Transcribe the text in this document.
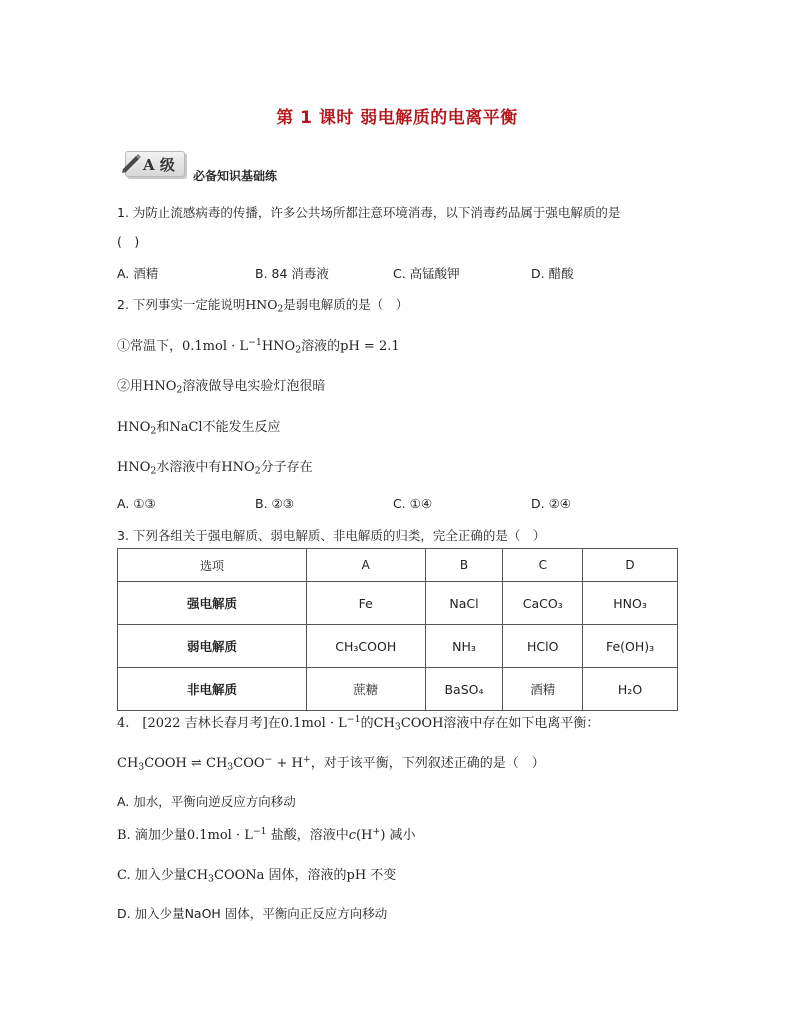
第 1 课时 弱电解质的电离平衡
A 级
必备知识基础练
1. 为防止流感病毒的传播，许多公共场所都注意环境消毒，以下消毒药品属于强电解质的是
(　)
A. 酒精	B. 84 消毒液	C. 高锰酸钾	D. 醋酸
2. 下列事实一定能说明$HNO_2$是弱电解质的是（　）
①常温下，$0.1mol \cdot L^{-1}HNO_2$溶液的pH = 2.1
②用$HNO_2$溶液做导电实验灯泡很暗
$HNO_2$和NaCl不能发生反应
$HNO_2$水溶液中有$HNO_2$分子存在
A. ①③	B. ②③	C. ①④	D. ②④
3. 下列各组关于强电解质、弱电解质、非电解质的归类，完全正确的是（　）
选项	A	B	C	D
强电解质	Fe	NaCl	CaCO₃	HNO₃
弱电解质	CH₃COOH	NH₃	HClO	Fe(OH)₃
非电解质	蔗糖	BaSO₄	酒精	H₂O
4.　[2022 吉林长春月考]在$0.1mol \cdot L^{-1}$的$CH_3COOH$溶液中存在如下电离平衡：
$CH_3COOH$ ⇌ $CH_3COO^- + H^+$，对于该平衡，下列叙述正确的是（　）
A. 加水，平衡向逆反应方向移动
B. 滴加少量$0.1mol \cdot L^{-1}$ 盐酸，溶液中c(H+) 减小
C. 加入少量$CH_3COONa$ 固体，溶液的pH 不变
D. 加入少量NaOH 固体，平衡向正反应方向移动
